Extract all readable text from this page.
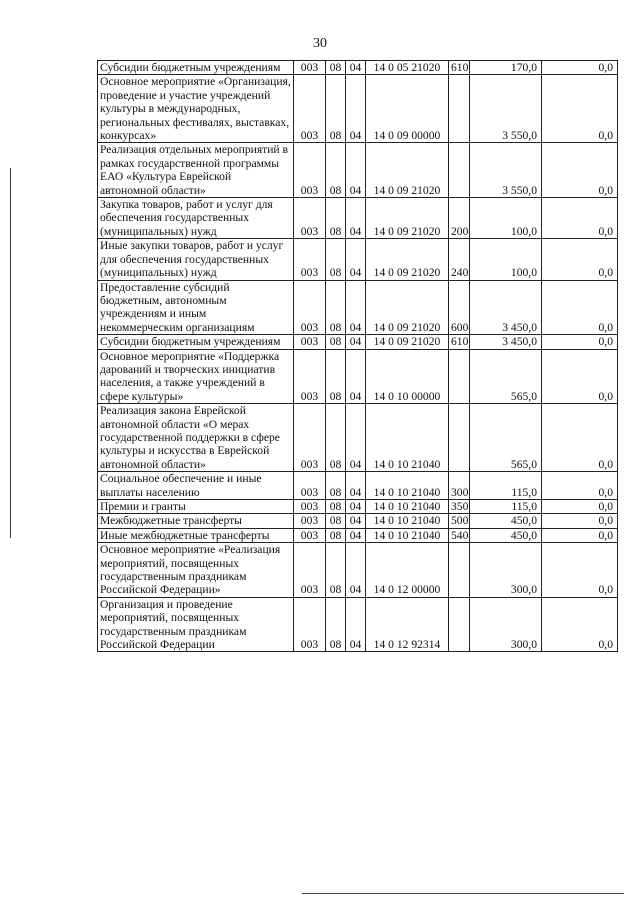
30
Субсидии бюджетным учреждениям	003	08	04	14 0 05 21020	610	170,0	0,0
Основное мероприятие «Организация, проведение и участие учреждений культуры в международных, региональных фестивалях, выставках, конкурсах»	003	08	04	14 0 09 00000		3 550,0	0,0
Реализация отдельных мероприятий в рамках государственной программы ЕАО «Культура Еврейской автономной области»	003	08	04	14 0 09 21020		3 550,0	0,0
Закупка товаров, работ и услуг для обеспечения государственных (муниципальных) нужд	003	08	04	14 0 09 21020	200	100,0	0,0
Иные закупки товаров, работ и услуг для обеспечения государственных (муниципальных) нужд	003	08	04	14 0 09 21020	240	100,0	0,0
Предоставление субсидий бюджетным, автономным учреждениям и иным некоммерческим организациям	003	08	04	14 0 09 21020	600	3 450,0	0,0
Субсидии бюджетным учреждениям	003	08	04	14 0 09 21020	610	3 450,0	0,0
Основное мероприятие «Поддержка дарований и творческих инициатив населения, а также учреждений в сфере культуры»	003	08	04	14 0 10 00000		565,0	0,0
Реализация закона Еврейской автономной области «О мерах государственной поддержки в сфере культуры и искусства в Еврейской автономной области»	003	08	04	14 0 10 21040		565,0	0,0
Социальное обеспечение и иные выплаты населению	003	08	04	14 0 10 21040	300	115,0	0,0
Премии и гранты	003	08	04	14 0 10 21040	350	115,0	0,0
Межбюджетные трансферты	003	08	04	14 0 10 21040	500	450,0	0,0
Иные межбюджетные трансферты	003	08	04	14 0 10 21040	540	450,0	0,0
Основное мероприятие «Реализация мероприятий, посвященных государственным праздникам Российской Федерации»	003	08	04	14 0 12 00000		300,0	0,0
Организация и проведение мероприятий, посвященных государственным праздникам Российской Федерации	003	08	04	14 0 12 92314		300,0	0,0
